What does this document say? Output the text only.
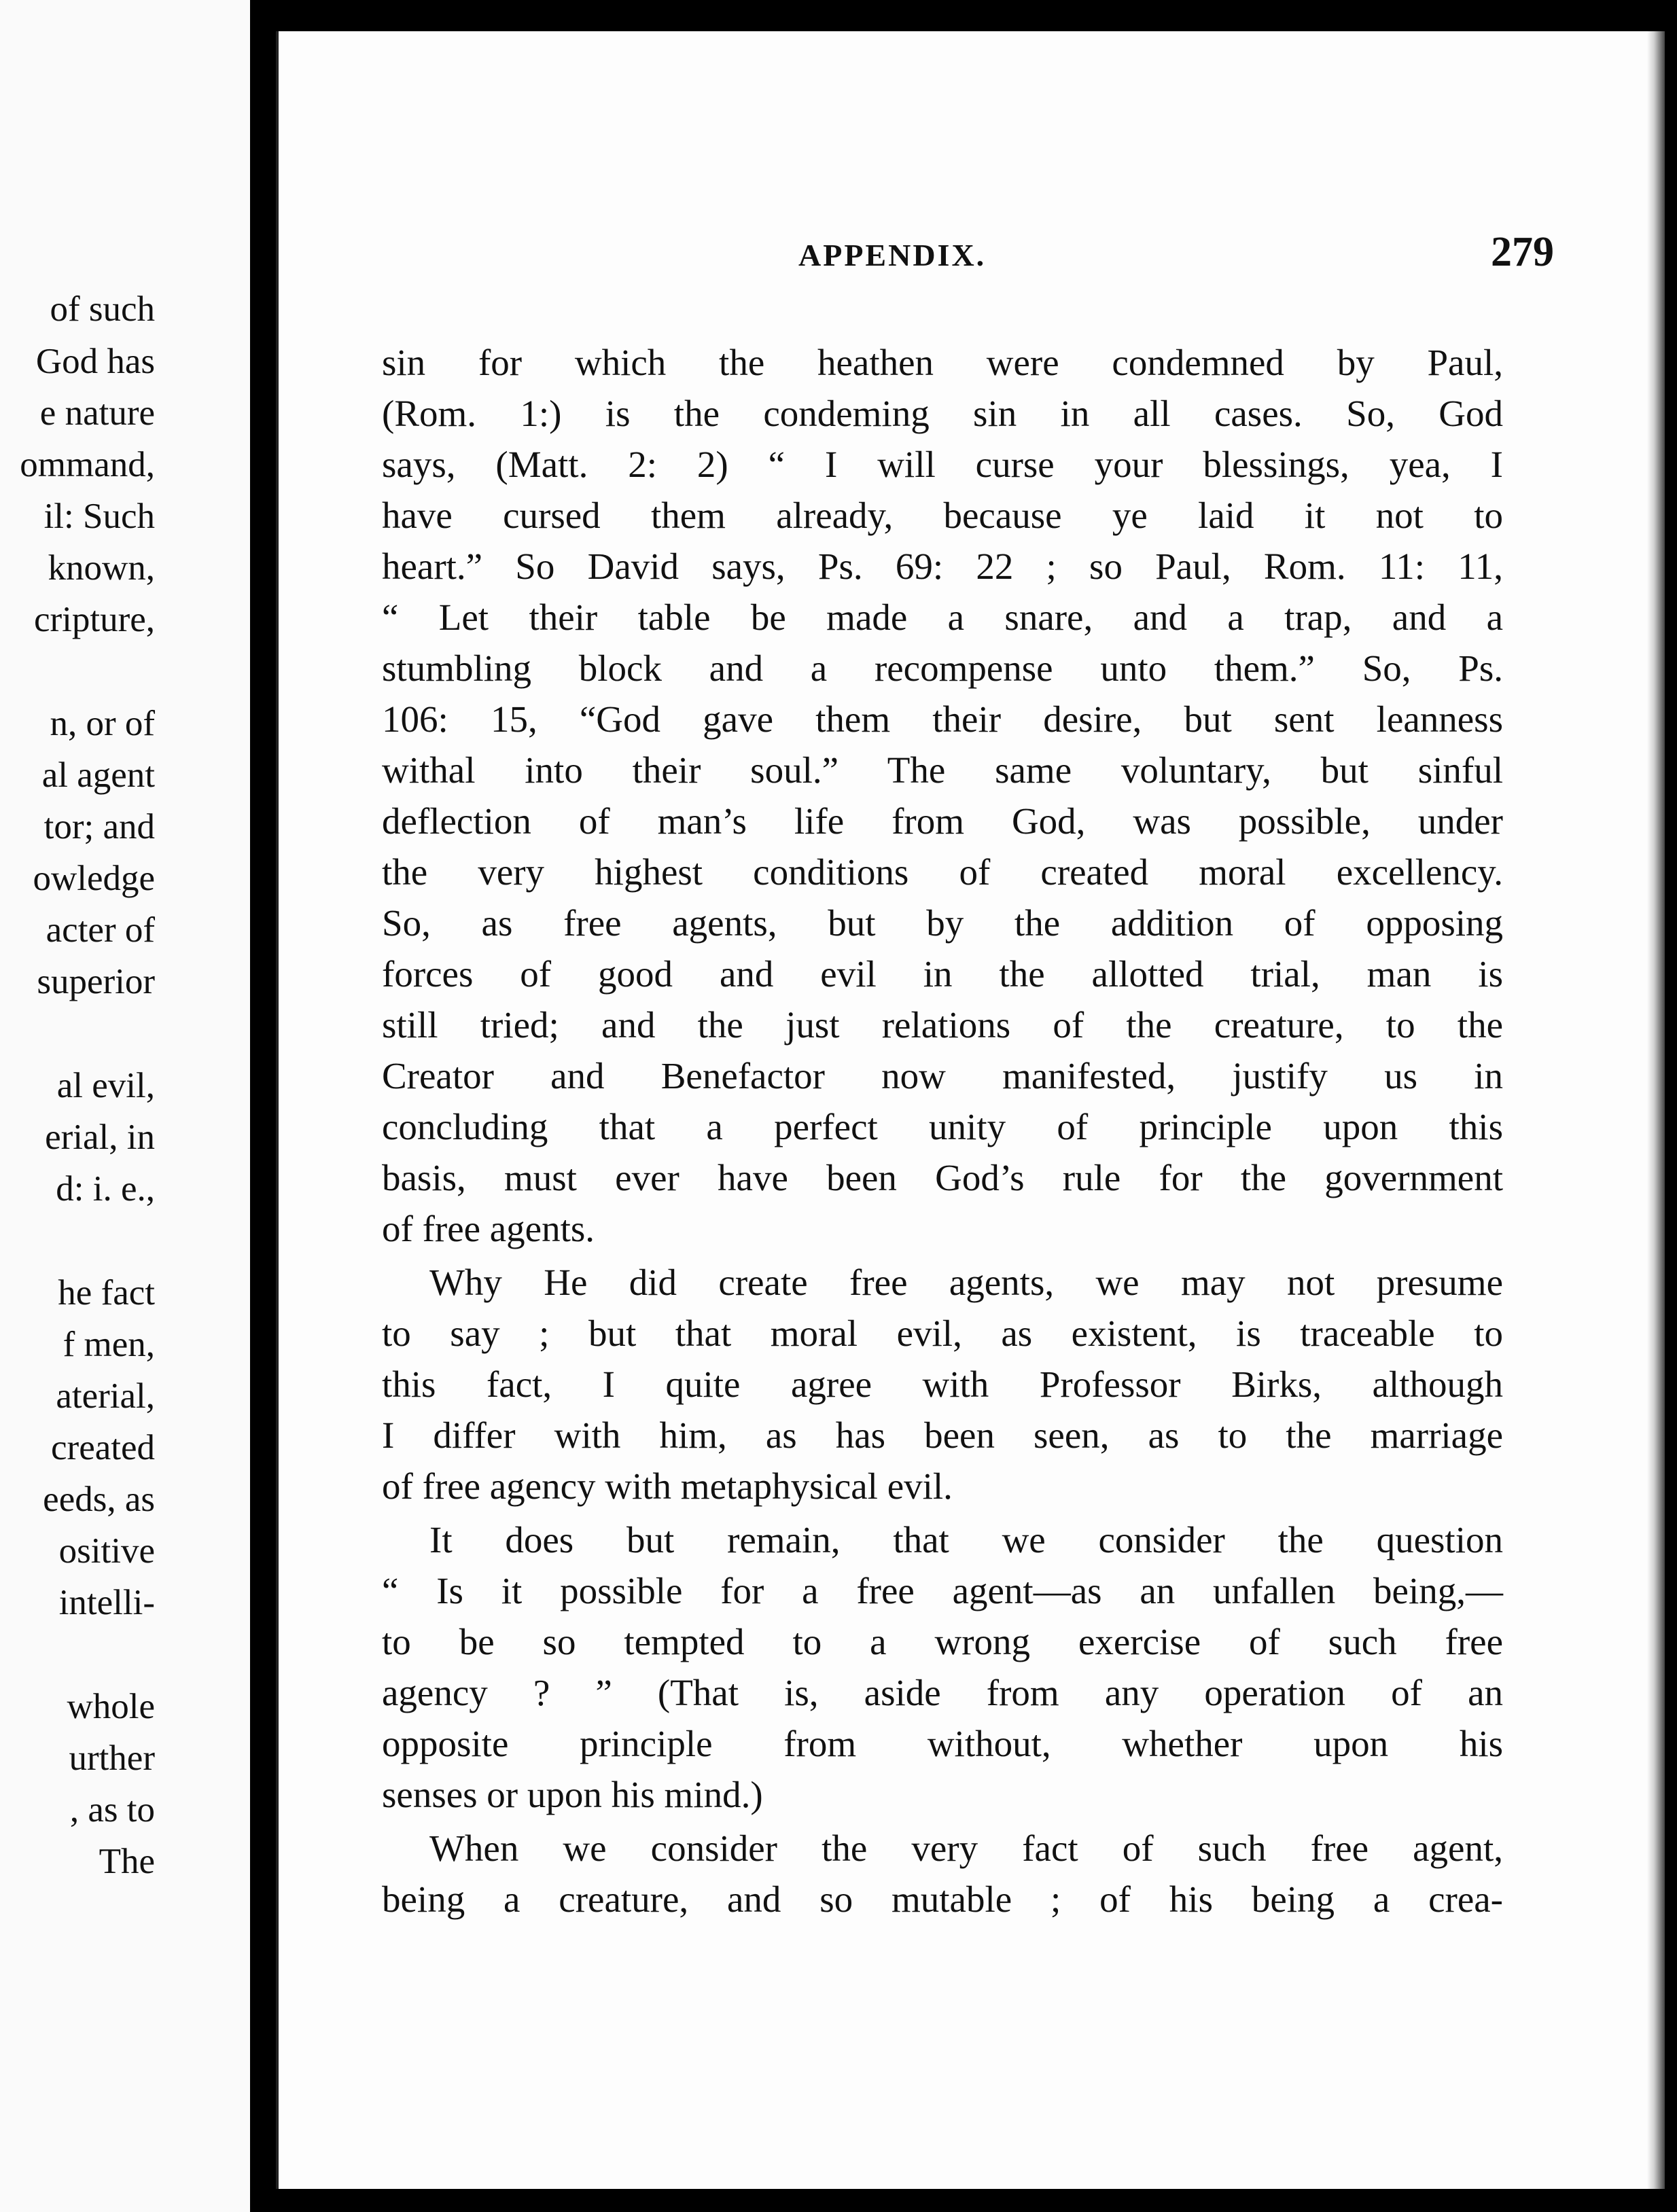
of such
God has
e nature
ommand,
il: Such
known,
cripture,
n, or of
al agent
tor; and
owledge
acter of
superior
al evil,
erial, in
d: i. e.,
he fact
f men,
aterial,
created
eeds, as
ositive
intelli-
whole
urther
, as to
The
APPENDIX.	279
sin for which the heathen were condemned by Paul,
(Rom. 1:) is the condeming sin in all cases. So, God
says, (Matt. 2: 2) “ I will curse your blessings, yea, I
have cursed them already, because ye laid it not to
heart.” So David says, Ps. 69: 22 ; so Paul, Rom. 11: 11,
“ Let their table be made a snare, and a trap, and a
stumbling block and a recompense unto them.” So, Ps.
106: 15, “God gave them their desire, but sent leanness
withal into their soul.” The same voluntary, but sinful
deflection of man’s life from God, was possible, under
the very highest conditions of created moral excellency.
So, as free agents, but by the addition of opposing
forces of good and evil in the allotted trial, man is
still tried; and the just relations of the creature, to the
Creator and Benefactor now manifested, justify us in
concluding that a perfect unity of principle upon this
basis, must ever have been God’s rule for the government
of free agents.
Why He did create free agents, we may not presume
to say ; but that moral evil, as existent, is traceable to
this fact, I quite agree with Professor Birks, although
I differ with him, as has been seen, as to the marriage
of free agency with metaphysical evil.
It does but remain, that we consider the question
“ Is it possible for a free agent—as an unfallen being,—
to be so tempted to a wrong exercise of such free
agency ? ” (That is, aside from any operation of an
opposite principle from without, whether upon his
senses or upon his mind.)
When we consider the very fact of such free agent,
being a creature, and so mutable ; of his being a crea-
